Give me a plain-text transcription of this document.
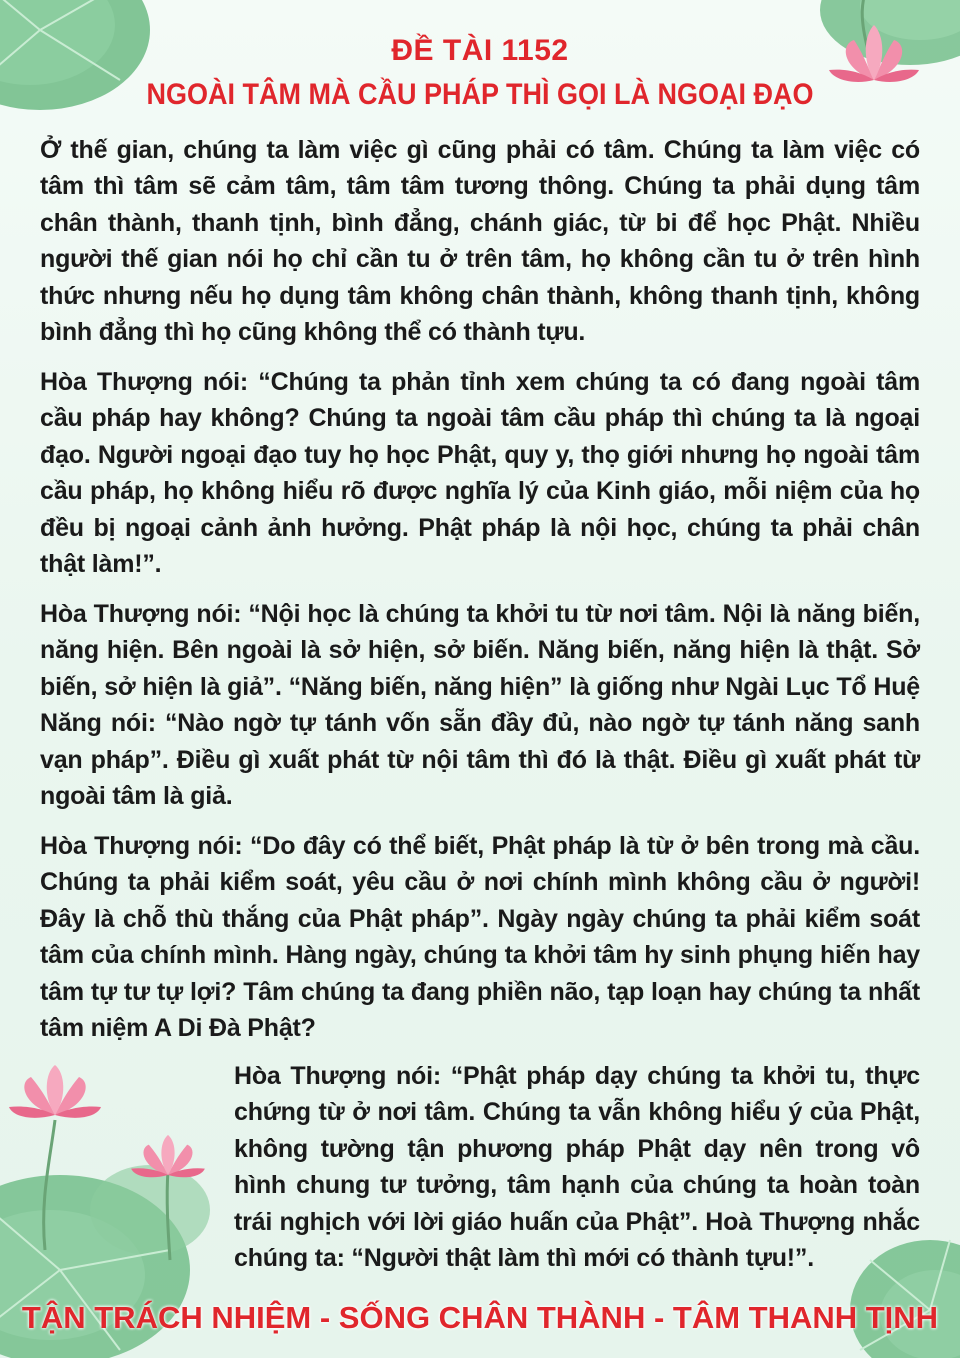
ĐỀ TÀI 1152
NGOÀI TÂM MÀ CẦU PHÁP THÌ GỌI LÀ NGOẠI ĐẠO
Ở thế gian, chúng ta làm việc gì cũng phải có tâm. Chúng ta làm việc có tâm thì tâm sẽ cảm tâm, tâm tâm tương thông. Chúng ta phải dụng tâm chân thành, thanh tịnh, bình đẳng, chánh giác, từ bi để học Phật. Nhiều người thế gian nói họ chỉ cần tu ở trên tâm, họ không cần tu ở trên hình thức nhưng nếu họ dụng tâm không chân thành, không thanh tịnh, không bình đẳng thì họ cũng không thể có thành tựu.
Hòa Thượng nói: “Chúng ta phản tỉnh xem chúng ta có đang ngoài tâm cầu pháp hay không? Chúng ta ngoài tâm cầu pháp thì chúng ta là ngoại đạo. Người ngoại đạo tuy họ học Phật, quy y, thọ giới nhưng họ ngoài tâm cầu pháp, họ không hiểu rõ được nghĩa lý của Kinh giáo, mỗi niệm của họ đều bị ngoại cảnh ảnh hưởng. Phật pháp là nội học, chúng ta phải chân thật làm!”.
Hòa Thượng nói: “Nội học là chúng ta khởi tu từ nơi tâm. Nội là năng biến, năng hiện. Bên ngoài là sở hiện, sở biến. Năng biến, năng hiện là thật. Sở biến, sở hiện là giả”. “Năng biến, năng hiện” là giống như Ngài Lục Tổ Huệ Năng nói: “Nào ngờ tự tánh vốn sẵn đầy đủ, nào ngờ tự tánh năng sanh vạn pháp”. Điều gì xuất phát từ nội tâm thì đó là thật. Điều gì xuất phát từ ngoài tâm là giả.
Hòa Thượng nói: “Do đây có thể biết, Phật pháp là từ ở bên trong mà cầu. Chúng ta phải kiểm soát, yêu cầu ở nơi chính mình không cầu ở người! Đây là chỗ thù thắng của Phật pháp”. Ngày ngày chúng ta phải kiểm soát tâm của chính mình. Hàng ngày, chúng ta khởi tâm hy sinh phụng hiến hay tâm tự tư tự lợi? Tâm chúng ta đang phiền não, tạp loạn hay chúng ta nhất tâm niệm A Di Đà Phật?
Hòa Thượng nói: “Phật pháp dạy chúng ta khởi tu, thực chứng từ ở nơi tâm. Chúng ta vẫn không hiểu ý của Phật, không tường tận phương pháp Phật dạy nên trong vô hình chung tư tưởng, tâm hạnh của chúng ta hoàn toàn trái nghịch với lời giáo huấn của Phật”. Hoà Thượng nhắc chúng ta: “Người thật làm thì mới có thành tựu!”.
TẬN TRÁCH NHIỆM - SỐNG CHÂN THÀNH - TÂM THANH TỊNH
